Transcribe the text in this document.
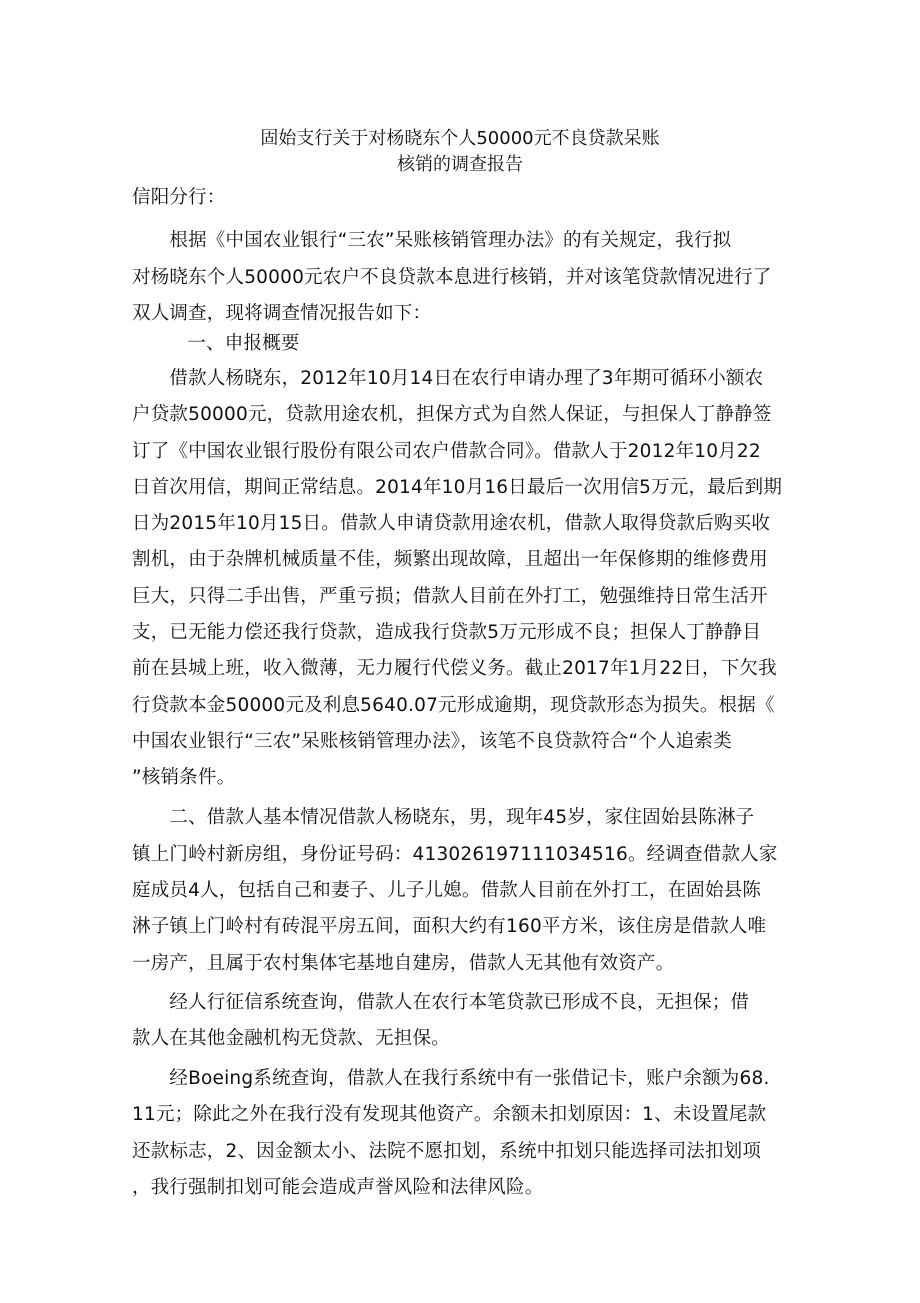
固始支行关于对杨晓东个人50000元不良贷款呆账
核销的调查报告
信阳分行：
　　根据《中国农业银行“三农”呆账核销管理办法》的有关规定，我行拟
对杨晓东个人50000元农户不良贷款本息进行核销，并对该笔贷款情况进行了
双人调查，现将调查情况报告如下：
　　一、申报概要
　　借款人杨晓东，2012年10月14日在农行申请办理了3年期可循环小额农
户贷款50000元，贷款用途农机，担保方式为自然人保证，与担保人丁静静签
订了《中国农业银行股份有限公司农户借款合同》。借款人于2012年10月22
日首次用信，期间正常结息。2014年10月16日最后一次用信5万元，最后到期
日为2015年10月15日。借款人申请贷款用途农机，借款人取得贷款后购买收
割机，由于杂牌机械质量不佳，频繁出现故障，且超出一年保修期的维修费用
巨大，只得二手出售，严重亏损；借款人目前在外打工，勉强维持日常生活开
支，已无能力偿还我行贷款，造成我行贷款5万元形成不良；担保人丁静静目
前在县城上班，收入微薄，无力履行代偿义务。截止2017年1月22日，下欠我
行贷款本金50000元及利息5640.07元形成逾期，现贷款形态为损失。根据《
中国农业银行“三农”呆账核销管理办法》，该笔不良贷款符合“个人追索类
”核销条件。
　　二、借款人基本情况借款人杨晓东，男，现年45岁，家住固始县陈淋子
镇上门岭村新房组，身份证号码：413026197111034516。经调查借款人家
庭成员4人，包括自己和妻子、儿子儿媳。借款人目前在外打工，在固始县陈
淋子镇上门岭村有砖混平房五间，面积大约有160平方米，该住房是借款人唯
一房产，且属于农村集体宅基地自建房，借款人无其他有效资产。
　　经人行征信系统查询，借款人在农行本笔贷款已形成不良，无担保；借
款人在其他金融机构无贷款、无担保。
　　经Boeing系统查询，借款人在我行系统中有一张借记卡，账户余额为68.
11元；除此之外在我行没有发现其他资产。余额未扣划原因：1、未设置尾款
还款标志，2、因金额太小、法院不愿扣划，系统中扣划只能选择司法扣划项
，我行强制扣划可能会造成声誉风险和法律风险。
